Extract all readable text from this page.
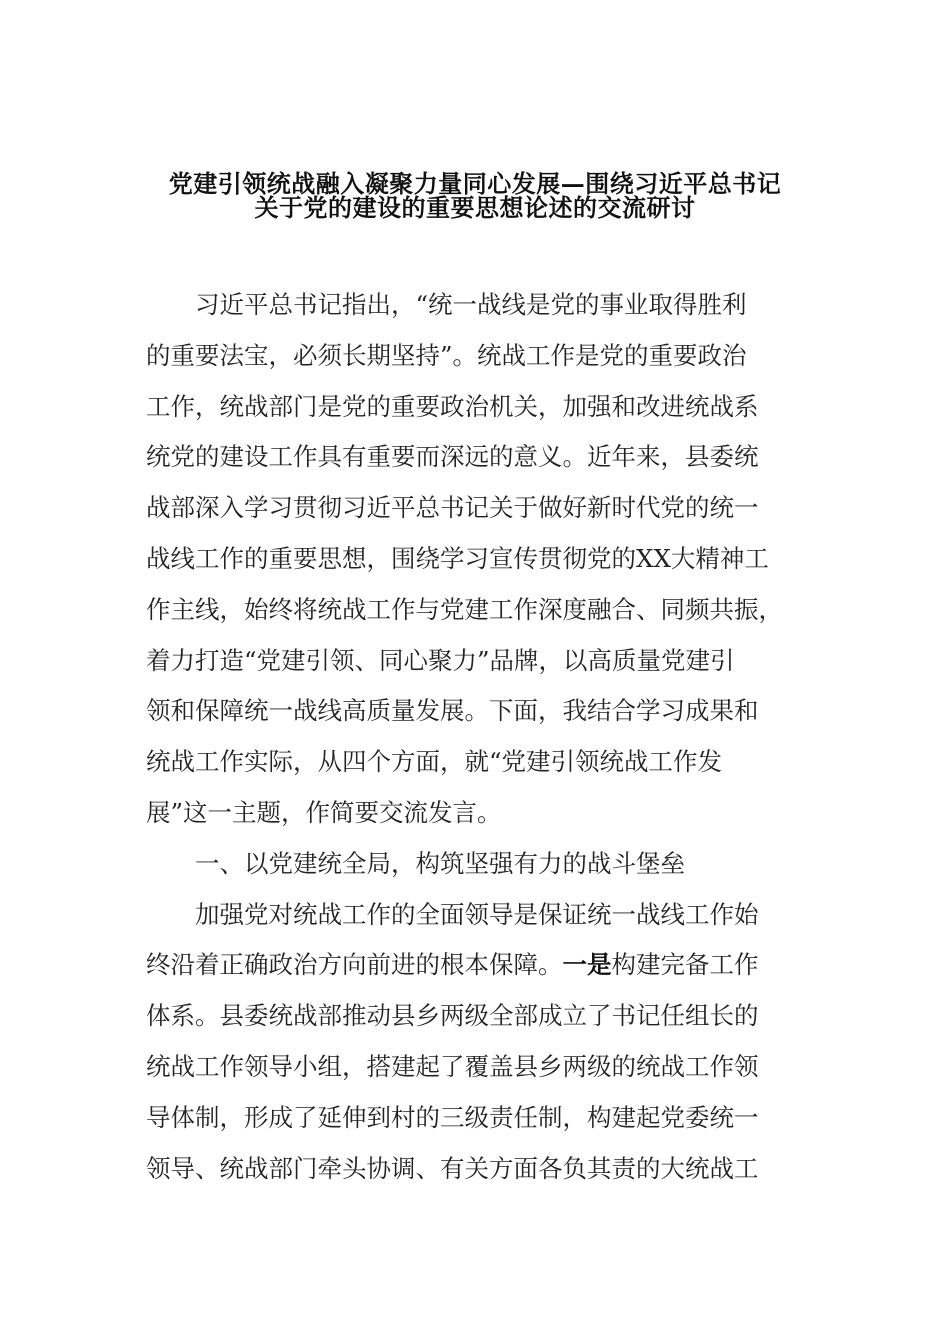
党建引领统战融入凝聚力量同心发展—围绕习近平总书记
关于党的建设的重要思想论述的交流研讨
习近平总书记指出，“统一战线是党的事业取得胜利
的重要法宝，必须长期坚持”。统战工作是党的重要政治
工作，统战部门是党的重要政治机关，加强和改进统战系
统党的建设工作具有重要而深远的意义。近年来，县委统
战部深入学习贯彻习近平总书记关于做好新时代党的统一
战线工作的重要思想，围绕学习宣传贯彻党的XX大精神工
作主线，始终将统战工作与党建工作深度融合、同频共振，
着力打造“党建引领、同心聚力”品牌，以高质量党建引
领和保障统一战线高质量发展。下面，我结合学习成果和
统战工作实际，从四个方面，就“党建引领统战工作发
展”这一主题，作简要交流发言。
一、以党建统全局，构筑坚强有力的战斗堡垒
加强党对统战工作的全面领导是保证统一战线工作始
终沿着正确政治方向前进的根本保障。一是构建完备工作
体系。县委统战部推动县乡两级全部成立了书记任组长的
统战工作领导小组，搭建起了覆盖县乡两级的统战工作领
导体制，形成了延伸到村的三级责任制，构建起党委统一
领导、统战部门牵头协调、有关方面各负其责的大统战工
